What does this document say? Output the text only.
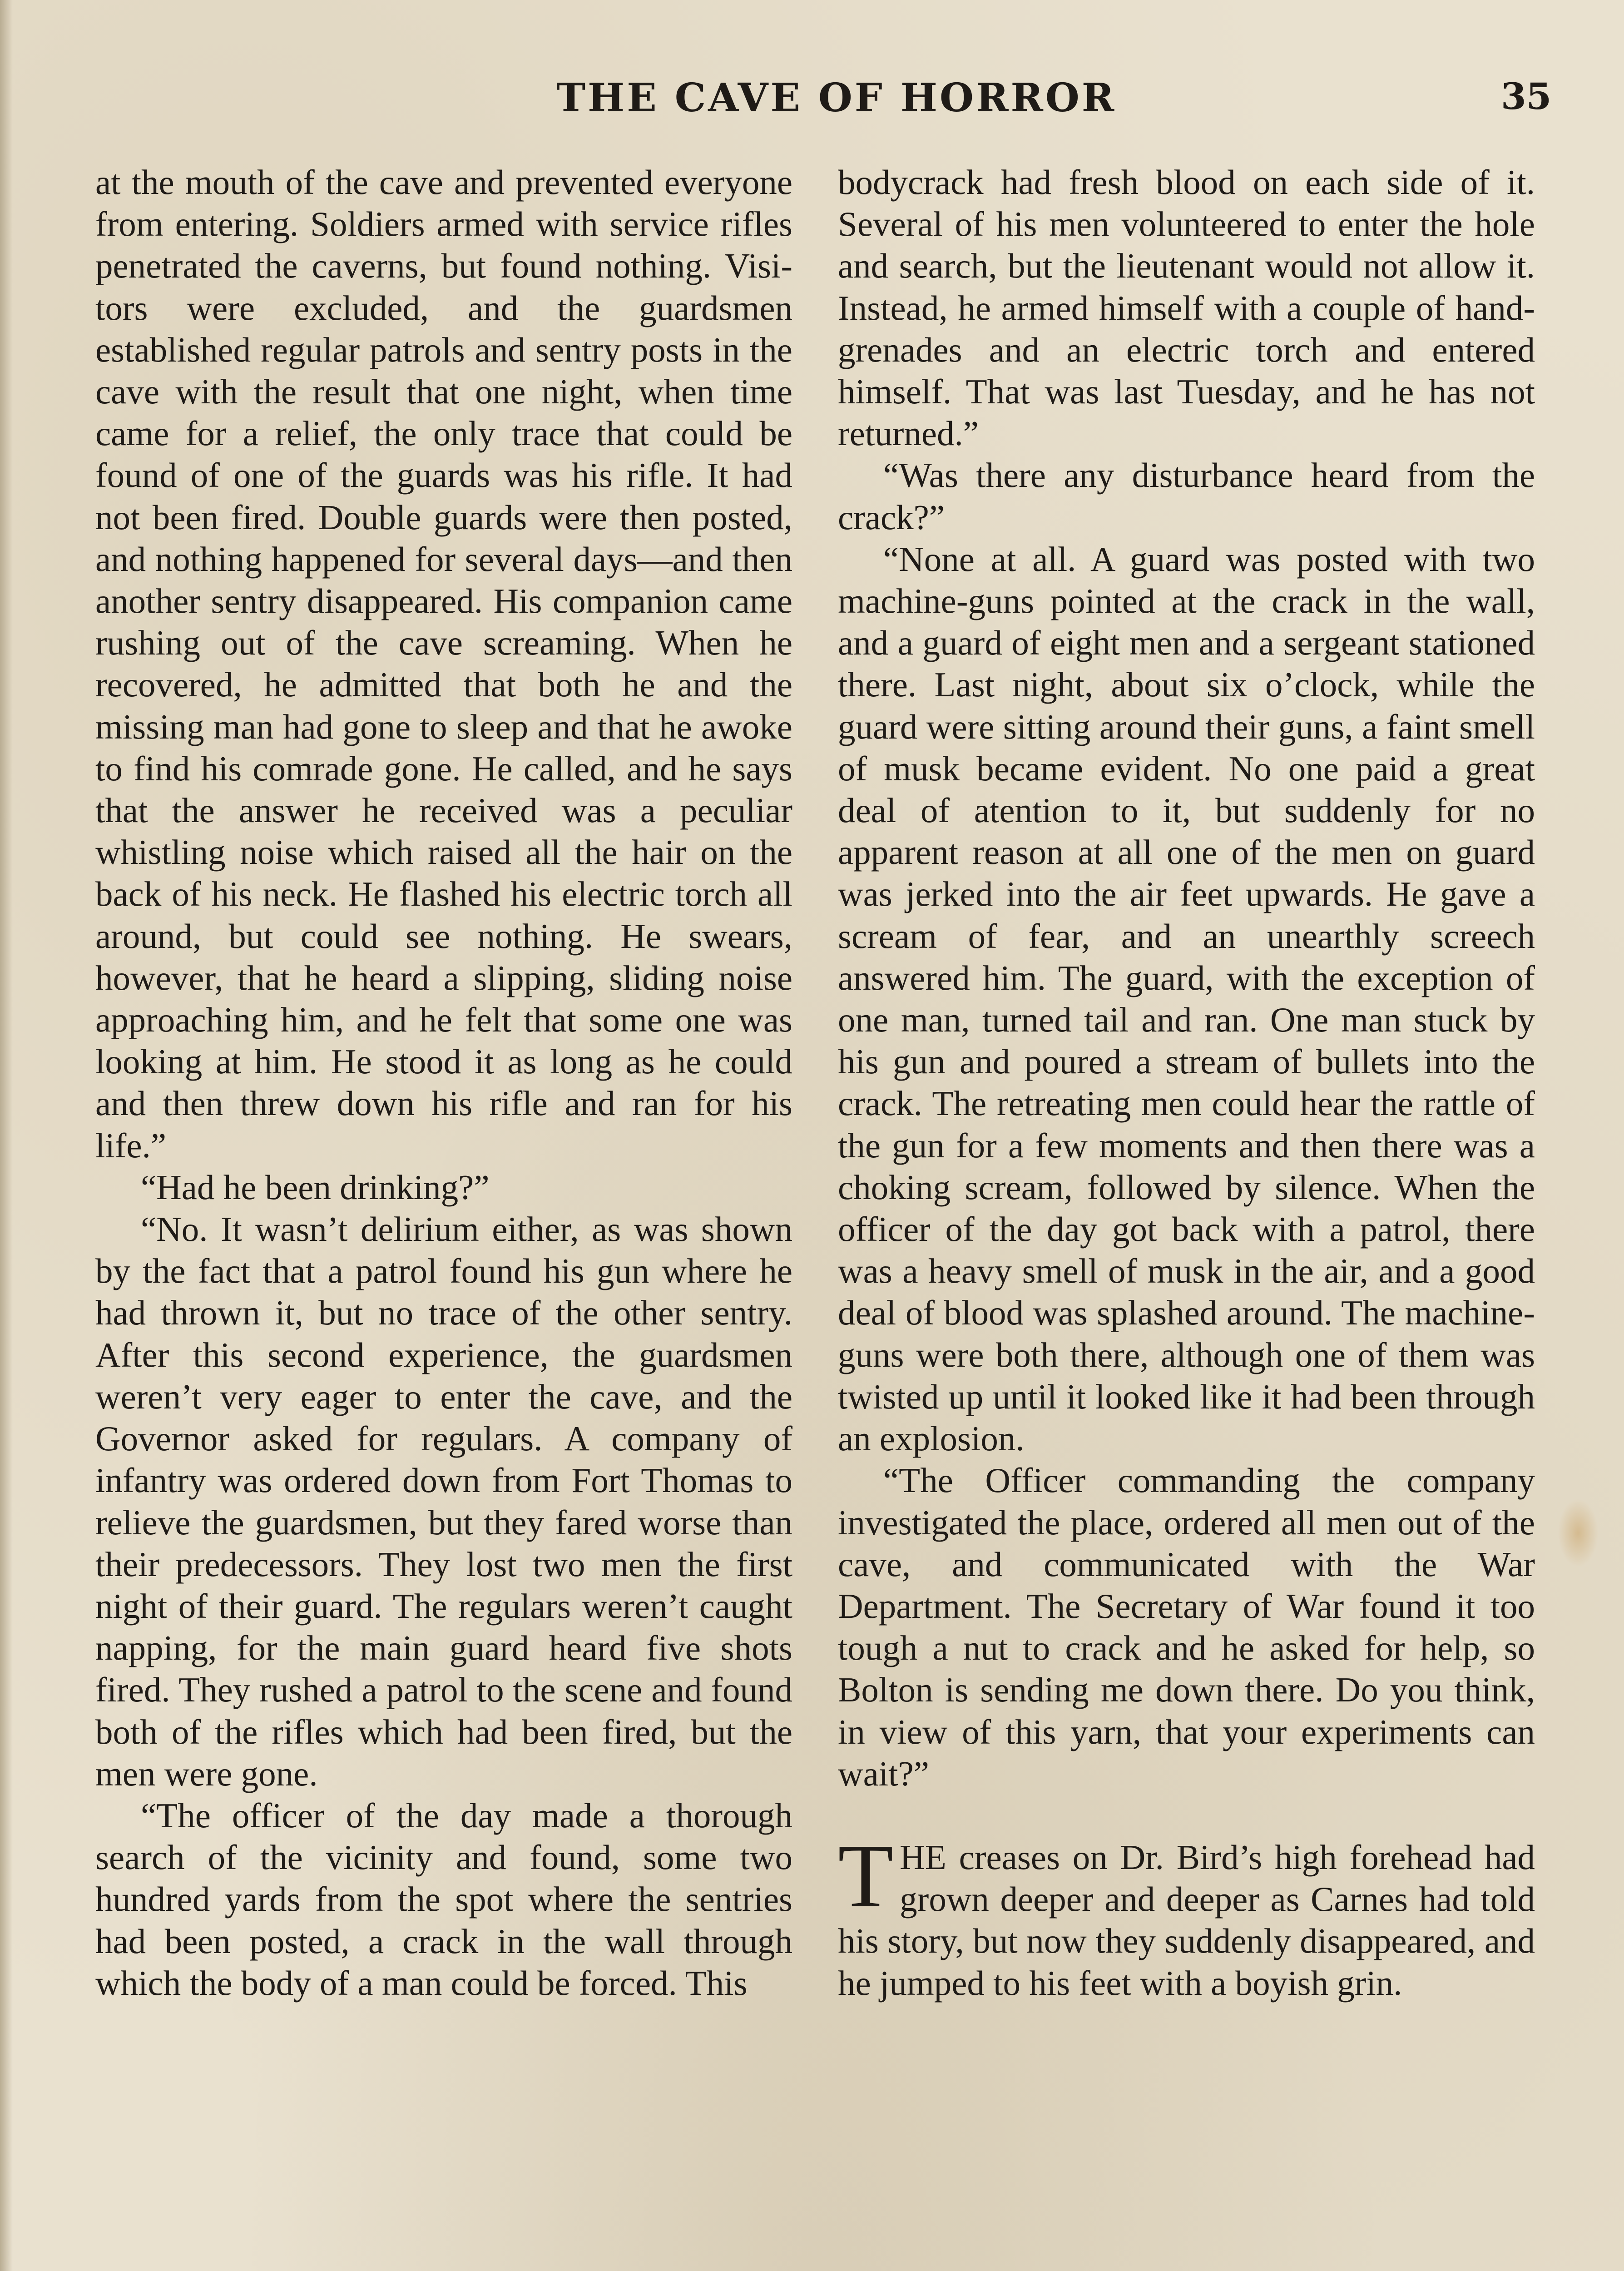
THE CAVE OF HORROR	35

at the mouth of the cave and prevented everyone from entering. Soldiers armed with service rifles penetrated the caverns, but found nothing. Visitors were excluded, and the guardsmen established regular patrols and sentry posts in the cave with the result that one night, when time came for a relief, the only trace that could be found of one of the guards was his rifle. It had not been fired. Double guards were then posted, and nothing happened for several days—and then another sentry disappeared. His companion came rushing out of the cave screaming. When he recovered, he admitted that both he and the missing man had gone to sleep and that he awoke to find his comrade gone. He called, and he says that the answer he received was a peculiar whistling noise which raised all the hair on the back of his neck. He flashed his electric torch all around, but could see nothing. He swears, however, that he heard a slipping, sliding noise approaching him, and he felt that some one was looking at him. He stood it as long as he could and then threw down his rifle and ran for his life.”

“Had he been drinking?”

“No. It wasn’t delirium either, as was shown by the fact that a patrol found his gun where he had thrown it, but no trace of the other sentry. After this second experience, the guardsmen weren’t very eager to enter the cave, and the Governor asked for regulars. A company of infantry was ordered down from Fort Thomas to relieve the guardsmen, but they fared worse than their predecessors. They lost two men the first night of their guard. The regulars weren’t caught napping, for the main guard heard five shots fired. They rushed a patrol to the scene and found both of the rifles which had been fired, but the men were gone.

“The officer of the day made a thorough search of the vicinity and found, some two hundred yards from the spot where the sentries had been posted, a crack in the wall through which the body of a man could be forced. This

bodycrack had fresh blood on each side of it. Several of his men volunteered to enter the hole and search, but the lieutenant would not allow it. Instead, he armed himself with a couple of hand-grenades and an electric torch and entered himself. That was last Tuesday, and he has not returned.”

“Was there any disturbance heard from the crack?”

“None at all. A guard was posted with two machine-guns pointed at the crack in the wall, and a guard of eight men and a sergeant stationed there. Last night, about six o’clock, while the guard were sitting around their guns, a faint smell of musk became evident. No one paid a great deal of atention to it, but suddenly for no apparent reason at all one of the men on guard was jerked into the air feet upwards. He gave a scream of fear, and an unearthly screech answered him. The guard, with the exception of one man, turned tail and ran. One man stuck by his gun and poured a stream of bullets into the crack. The retreating men could hear the rattle of the gun for a few moments and then there was a choking scream, followed by silence. When the officer of the day got back with a patrol, there was a heavy smell of musk in the air, and a good deal of blood was splashed around. The machine-guns were both there, although one of them was twisted up until it looked like it had been through an explosion.

“The Officer commanding the company investigated the place, ordered all men out of the cave, and communicated with the War Department. The Secretary of War found it too tough a nut to crack and he asked for help, so Bolton is sending me down there. Do you think, in view of this yarn, that your experiments can wait?”

THE creases on Dr. Bird’s high forehead had grown deeper and deeper as Carnes had told his story, but now they suddenly disappeared, and he jumped to his feet with a boyish grin.
